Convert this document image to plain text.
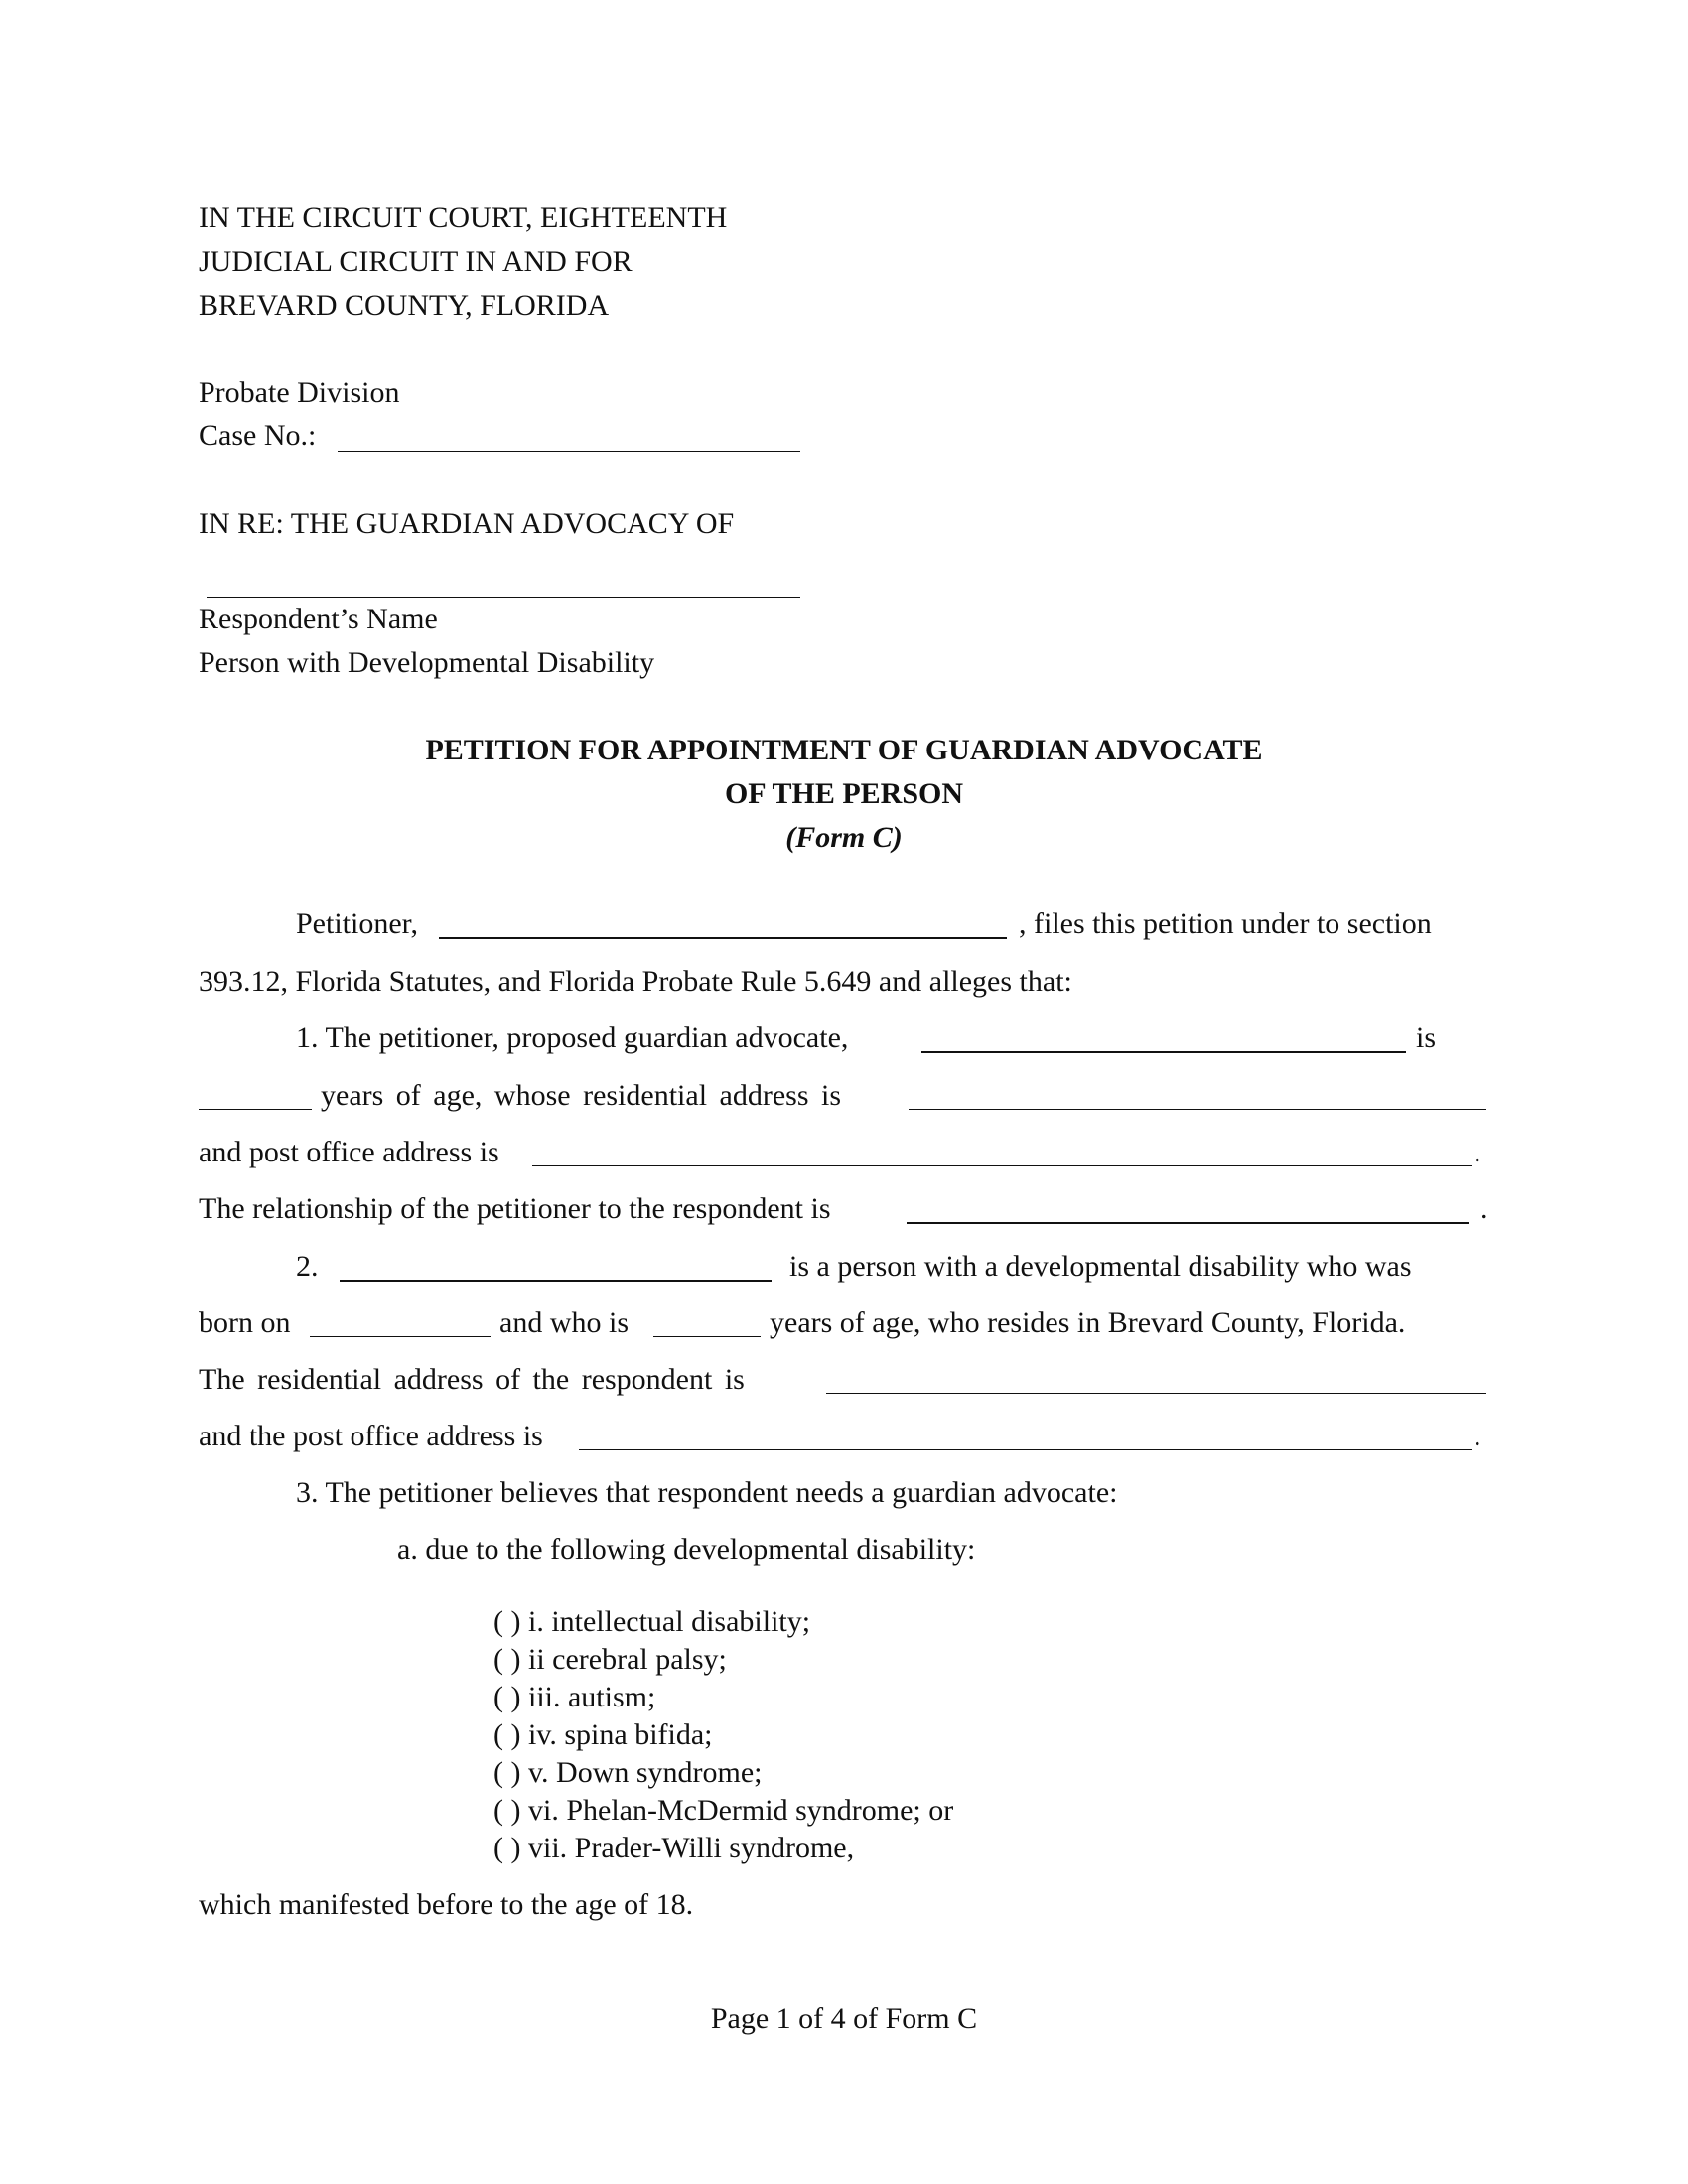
IN THE CIRCUIT COURT, EIGHTEENTH
JUDICIAL CIRCUIT IN AND FOR
BREVARD COUNTY, FLORIDA
Probate Division
Case No.:
IN RE: THE GUARDIAN ADVOCACY OF
Respondent’s Name
Person with Developmental Disability
PETITION FOR APPOINTMENT OF GUARDIAN ADVOCATE
OF THE PERSON
(Form C)
Petitioner,	, files this petition under to section
393.12, Florida Statutes, and Florida Probate Rule 5.649 and alleges that:
1. The petitioner, proposed guardian advocate,	is
years of age, whose residential address is
and post office address is	.
The relationship of the petitioner to the respondent is	.
2.	is a person with a developmental disability who was
born on	and who is	years of age, who resides in Brevard County, Florida.
The residential address of the respondent is
and the post office address is	.
3. The petitioner believes that respondent needs a guardian advocate:
a. due to the following developmental disability:
( ) i. intellectual disability;
( ) ii cerebral palsy;
( ) iii. autism;
( ) iv. spina bifida;
( ) v. Down syndrome;
( ) vi. Phelan-McDermid syndrome; or
( ) vii. Prader-Willi syndrome,
which manifested before to the age of 18.
Page 1 of 4 of Form C
